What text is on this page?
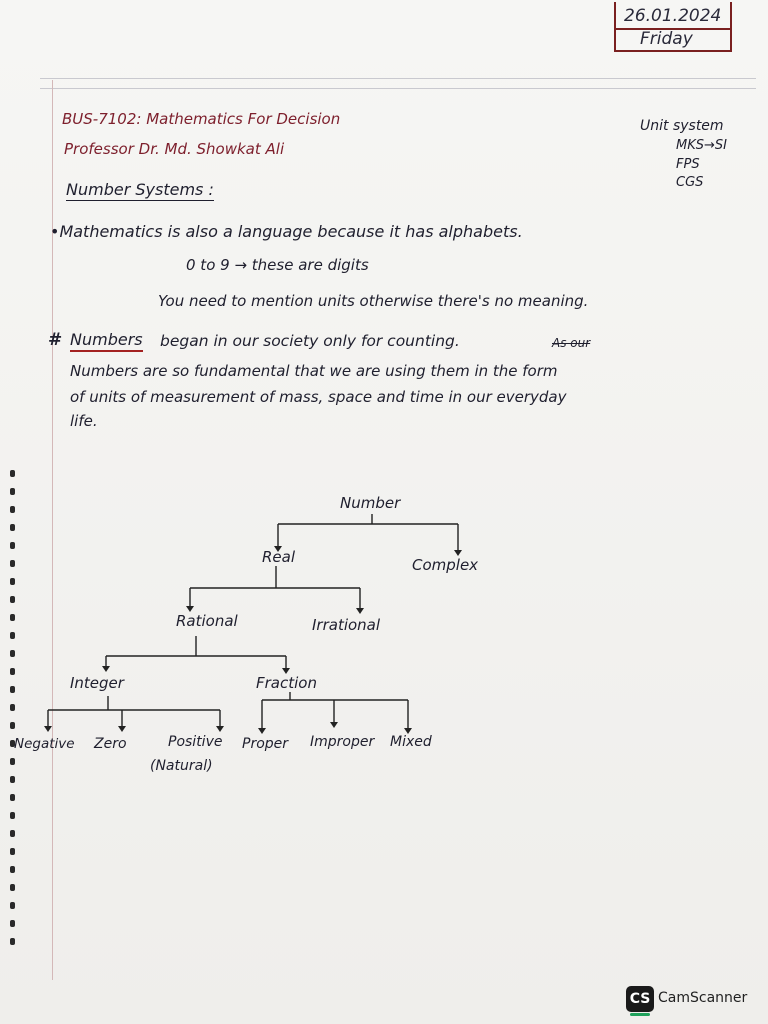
26.01.2024
Friday
BUS-7102: Mathematics For Decision
Professor Dr. Md. Showkat Ali
Unit system
MKS→SI
FPS
CGS
Number Systems :
•Mathematics is also a language because it has alphabets.
0 to 9 → these are digits
You need to mention units otherwise there's no meaning.
# Numbers began in our society only for counting.	As our
Numbers are so fundamental that we are using them in the form
of units of measurement of mass, space and time in our everyday
life.
Number
Real	Complex
Rational	Irrational
Integer	Fraction
Negative Zero	Positive
(Natural)
Proper Improper Mixed
CS CamScanner
